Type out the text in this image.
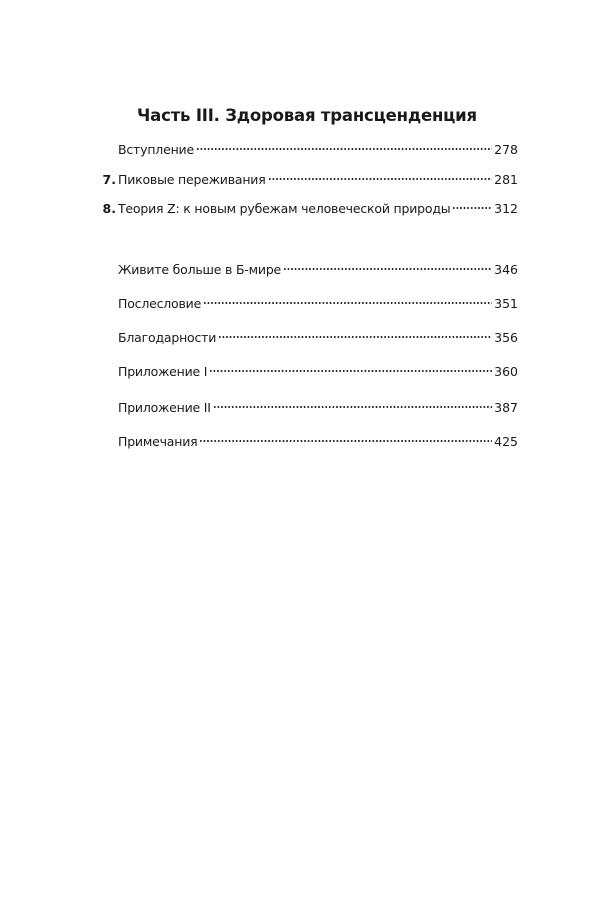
Часть III. Здоровая трансценденция
Вступление	278
7. Пиковые переживания	281
8. Теория Z: к новым рубежам человеческой природы	312
Живите больше в Б-мире	346
Послесловие	351
Благодарности	356
Приложение I	360
Приложение II	387
Примечания	425
